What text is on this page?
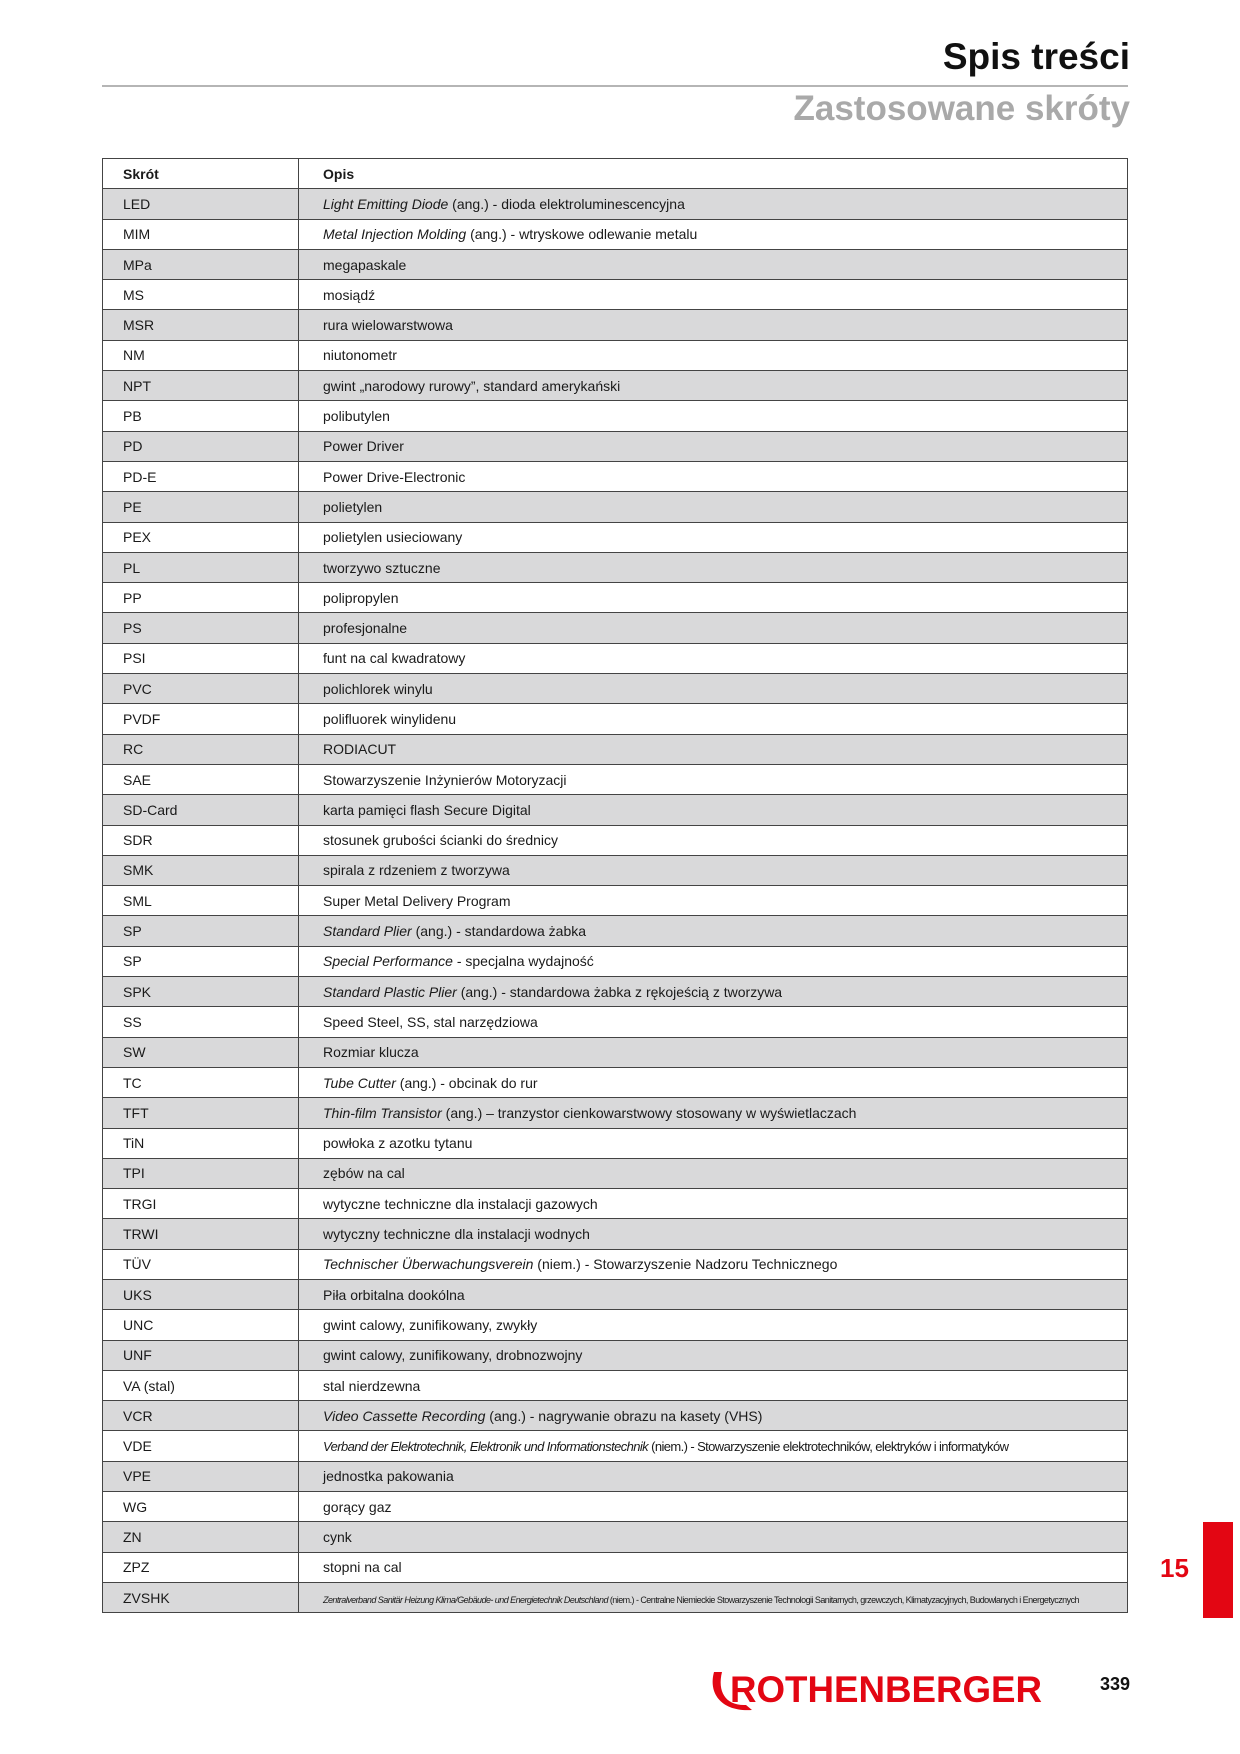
Spis treści
Zastosowane skróty
Skrót	Opis
LED	Light Emitting Diode (ang.) - dioda elektroluminescencyjna
MIM	Metal Injection Molding (ang.) - wtryskowe odlewanie metalu
MPa	megapaskale
MS	mosiądź
MSR	rura wielowarstwowa
NM	niutonometr
NPT	gwint „narodowy rurowy”, standard amerykański
PB	polibutylen
PD	Power Driver
PD-E	Power Drive-Electronic
PE	polietylen
PEX	polietylen usieciowany
PL	tworzywo sztuczne
PP	polipropylen
PS	profesjonalne
PSI	funt na cal kwadratowy
PVC	polichlorek winylu
PVDF	polifluorek winylidenu
RC	RODIACUT
SAE	Stowarzyszenie Inżynierów Motoryzacji
SD-Card	karta pamięci flash Secure Digital
SDR	stosunek grubości ścianki do średnicy
SMK	spirala z rdzeniem z tworzywa
SML	Super Metal Delivery Program
SP	Standard Plier (ang.) - standardowa żabka
SP	Special Performance - specjalna wydajność
SPK	Standard Plastic Plier (ang.) - standardowa żabka z rękojeścią z tworzywa
SS	Speed Steel, SS, stal narzędziowa
SW	Rozmiar klucza
TC	Tube Cutter (ang.) - obcinak do rur
TFT	Thin-film Transistor (ang.) – tranzystor cienkowarstwowy stosowany w wyświetlaczach
TiN	powłoka z azotku tytanu
TPI	zębów na cal
TRGI	wytyczne techniczne dla instalacji gazowych
TRWI	wytyczny techniczne dla instalacji wodnych
TÜV	Technischer Überwachungsverein (niem.) - Stowarzyszenie Nadzoru Technicznego
UKS	Piła orbitalna dookólna
UNC	gwint calowy, zunifikowany, zwykły
UNF	gwint calowy, zunifikowany, drobnozwojny
VA (stal)	stal nierdzewna
VCR	Video Cassette Recording (ang.) - nagrywanie obrazu na kasety (VHS)
VDE	Verband der Elektrotechnik, Elektronik und Informationstechnik (niem.) - Stowarzyszenie elektrotechników, elektryków i informatyków
VPE	jednostka pakowania
WG	gorący gaz
ZN	cynk
ZPZ	stopni na cal
ZVSHK	Zentralverband Sanitär Heizung Klima/Gebäude- und Energietechnik Deutschland (niem.) - Centralne Niemieckie Stowarzyszenie Technologii Sanitarnych, grzewczych, Klimatyzacyjnych, Budowlanych i Energetycznych
15
ROTHENBERGER	339
